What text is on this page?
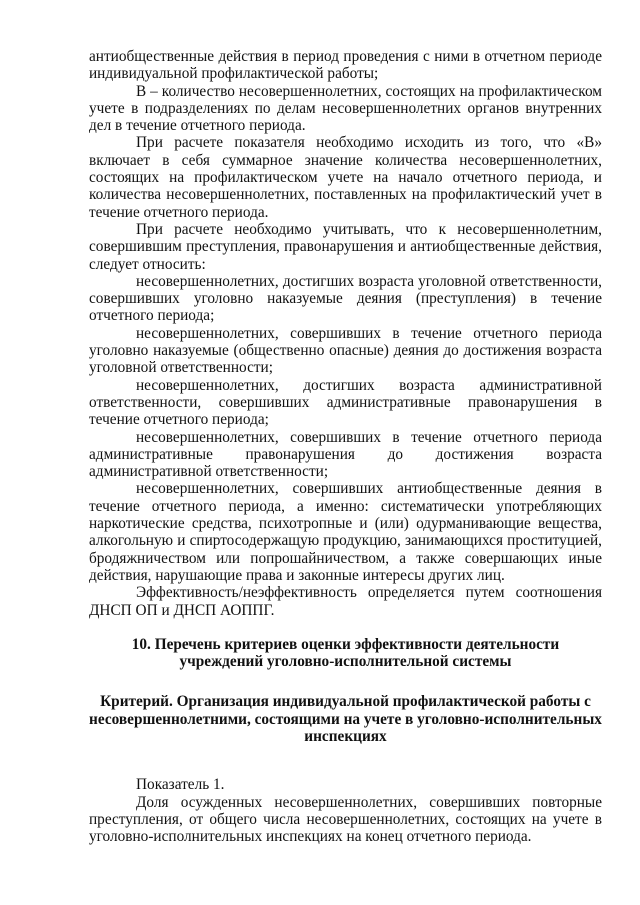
антиобщественные действия в период проведения с ними в отчетном периоде индивидуальной профилактической работы;

В – количество несовершеннолетних, состоящих на профилактическом учете в подразделениях по делам несовершеннолетних органов внутренних дел в течение отчетного периода.

При расчете показателя необходимо исходить из того, что «В» включает в себя суммарное значение количества несовершеннолетних, состоящих на профилактическом учете на начало отчетного периода, и количества несовершеннолетних, поставленных на профилактический учет в течение отчетного периода.

При расчете необходимо учитывать, что к несовершеннолетним, совершившим преступления, правонарушения и антиобщественные действия, следует относить:

несовершеннолетних, достигших возраста уголовной ответственности, совершивших уголовно наказуемые деяния (преступления) в течение отчетного периода;

несовершеннолетних, совершивших в течение отчетного периода уголовно наказуемые (общественно опасные) деяния до достижения возраста уголовной ответственности;

несовершеннолетних, достигших возраста административной ответственности, совершивших административные правонарушения в течение отчетного периода;

несовершеннолетних, совершивших в течение отчетного периода административные правонарушения до достижения возраста административной ответственности;

несовершеннолетних, совершивших антиобщественные деяния в течение отчетного периода, а именно: систематически употребляющих наркотические средства, психотропные и (или) одурманивающие вещества, алкогольную и спиртосодержащую продукцию, занимающихся проституцией, бродяжничеством или попрошайничеством, а также совершающих иные действия, нарушающие права и законные интересы других лиц.

Эффективность/неэффективность определяется путем соотношения ДНСП ОП и ДНСП АОППГ.

10. Перечень критериев оценки эффективности деятельности учреждений уголовно-исполнительной системы

Критерий. Организация индивидуальной профилактической работы с несовершеннолетними, состоящими на учете в уголовно-исполнительных инспекциях

Показатель 1.

Доля осужденных несовершеннолетних, совершивших повторные преступления, от общего числа несовершеннолетних, состоящих на учете в уголовно-исполнительных инспекциях на конец отчетного периода.
